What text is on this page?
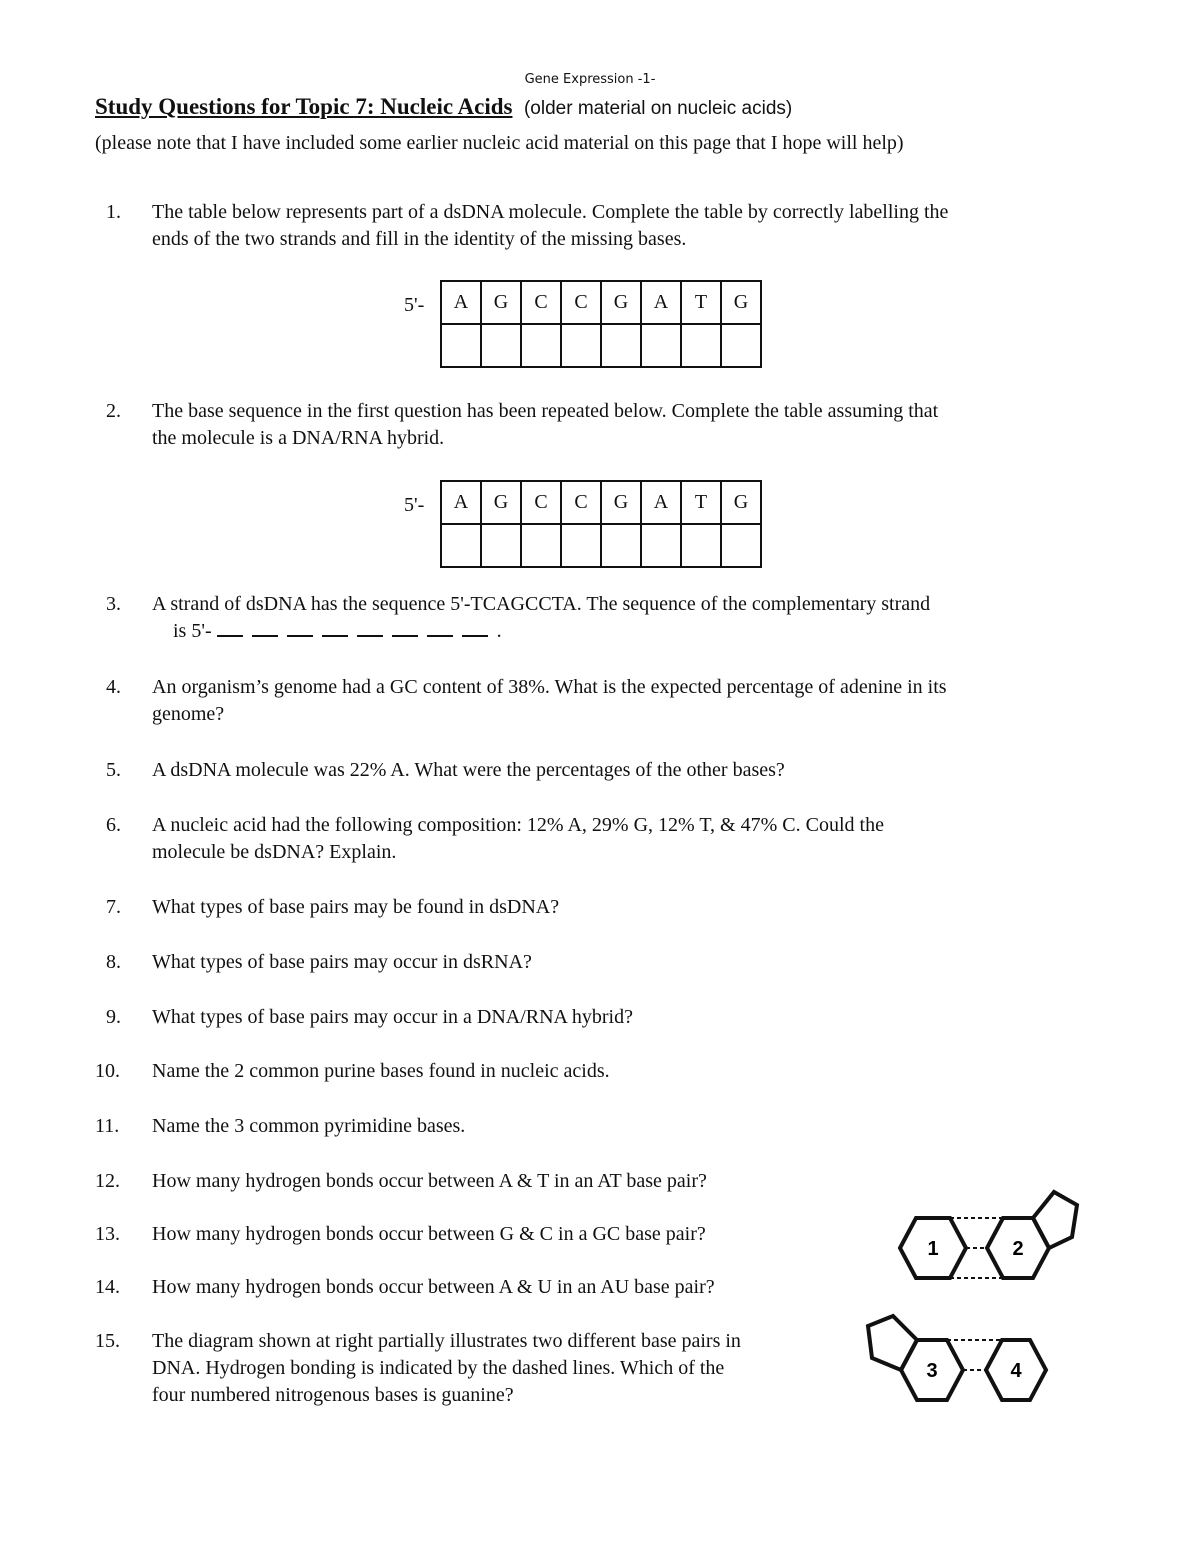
Gene Expression -1-
Study Questions for Topic 7: Nucleic Acids (older material on nucleic acids)
(please note that I have included some earlier nucleic acid material on this page that I hope will help)
1. The table below represents part of a dsDNA molecule. Complete the table by correctly labelling the
ends of the two strands and fill in the identity of the missing bases.
5'- A	G	C	C	G	A	T	G

2. The base sequence in the first question has been repeated below. Complete the table assuming that
the molecule is a DNA/RNA hybrid.
5'- A	G	C	C	G	A	T	G

3. A strand of dsDNA has the sequence 5'-TCAGCCTA. The sequence of the complementary strand
is 5'-	.
4. An organism’s genome had a GC content of 38%. What is the expected percentage of adenine in its
genome?
5. A dsDNA molecule was 22% A. What were the percentages of the other bases?
6. A nucleic acid had the following composition: 12% A, 29% G, 12% T, & 47% C. Could the
molecule be dsDNA? Explain.
7. What types of base pairs may be found in dsDNA?
8. What types of base pairs may occur in dsRNA?
9. What types of base pairs may occur in a DNA/RNA hybrid?
10. Name the 2 common purine bases found in nucleic acids.
11. Name the 3 common pyrimidine bases.
12. How many hydrogen bonds occur between A & T in an AT base pair?
13. How many hydrogen bonds occur between G & C in a GC base pair?
14. How many hydrogen bonds occur between A & U in an AU base pair?
15. The diagram shown at right partially illustrates two different base pairs in
DNA. Hydrogen bonding is indicated by the dashed lines. Which of the
four numbered nitrogenous bases is guanine?
1	2
3	4
